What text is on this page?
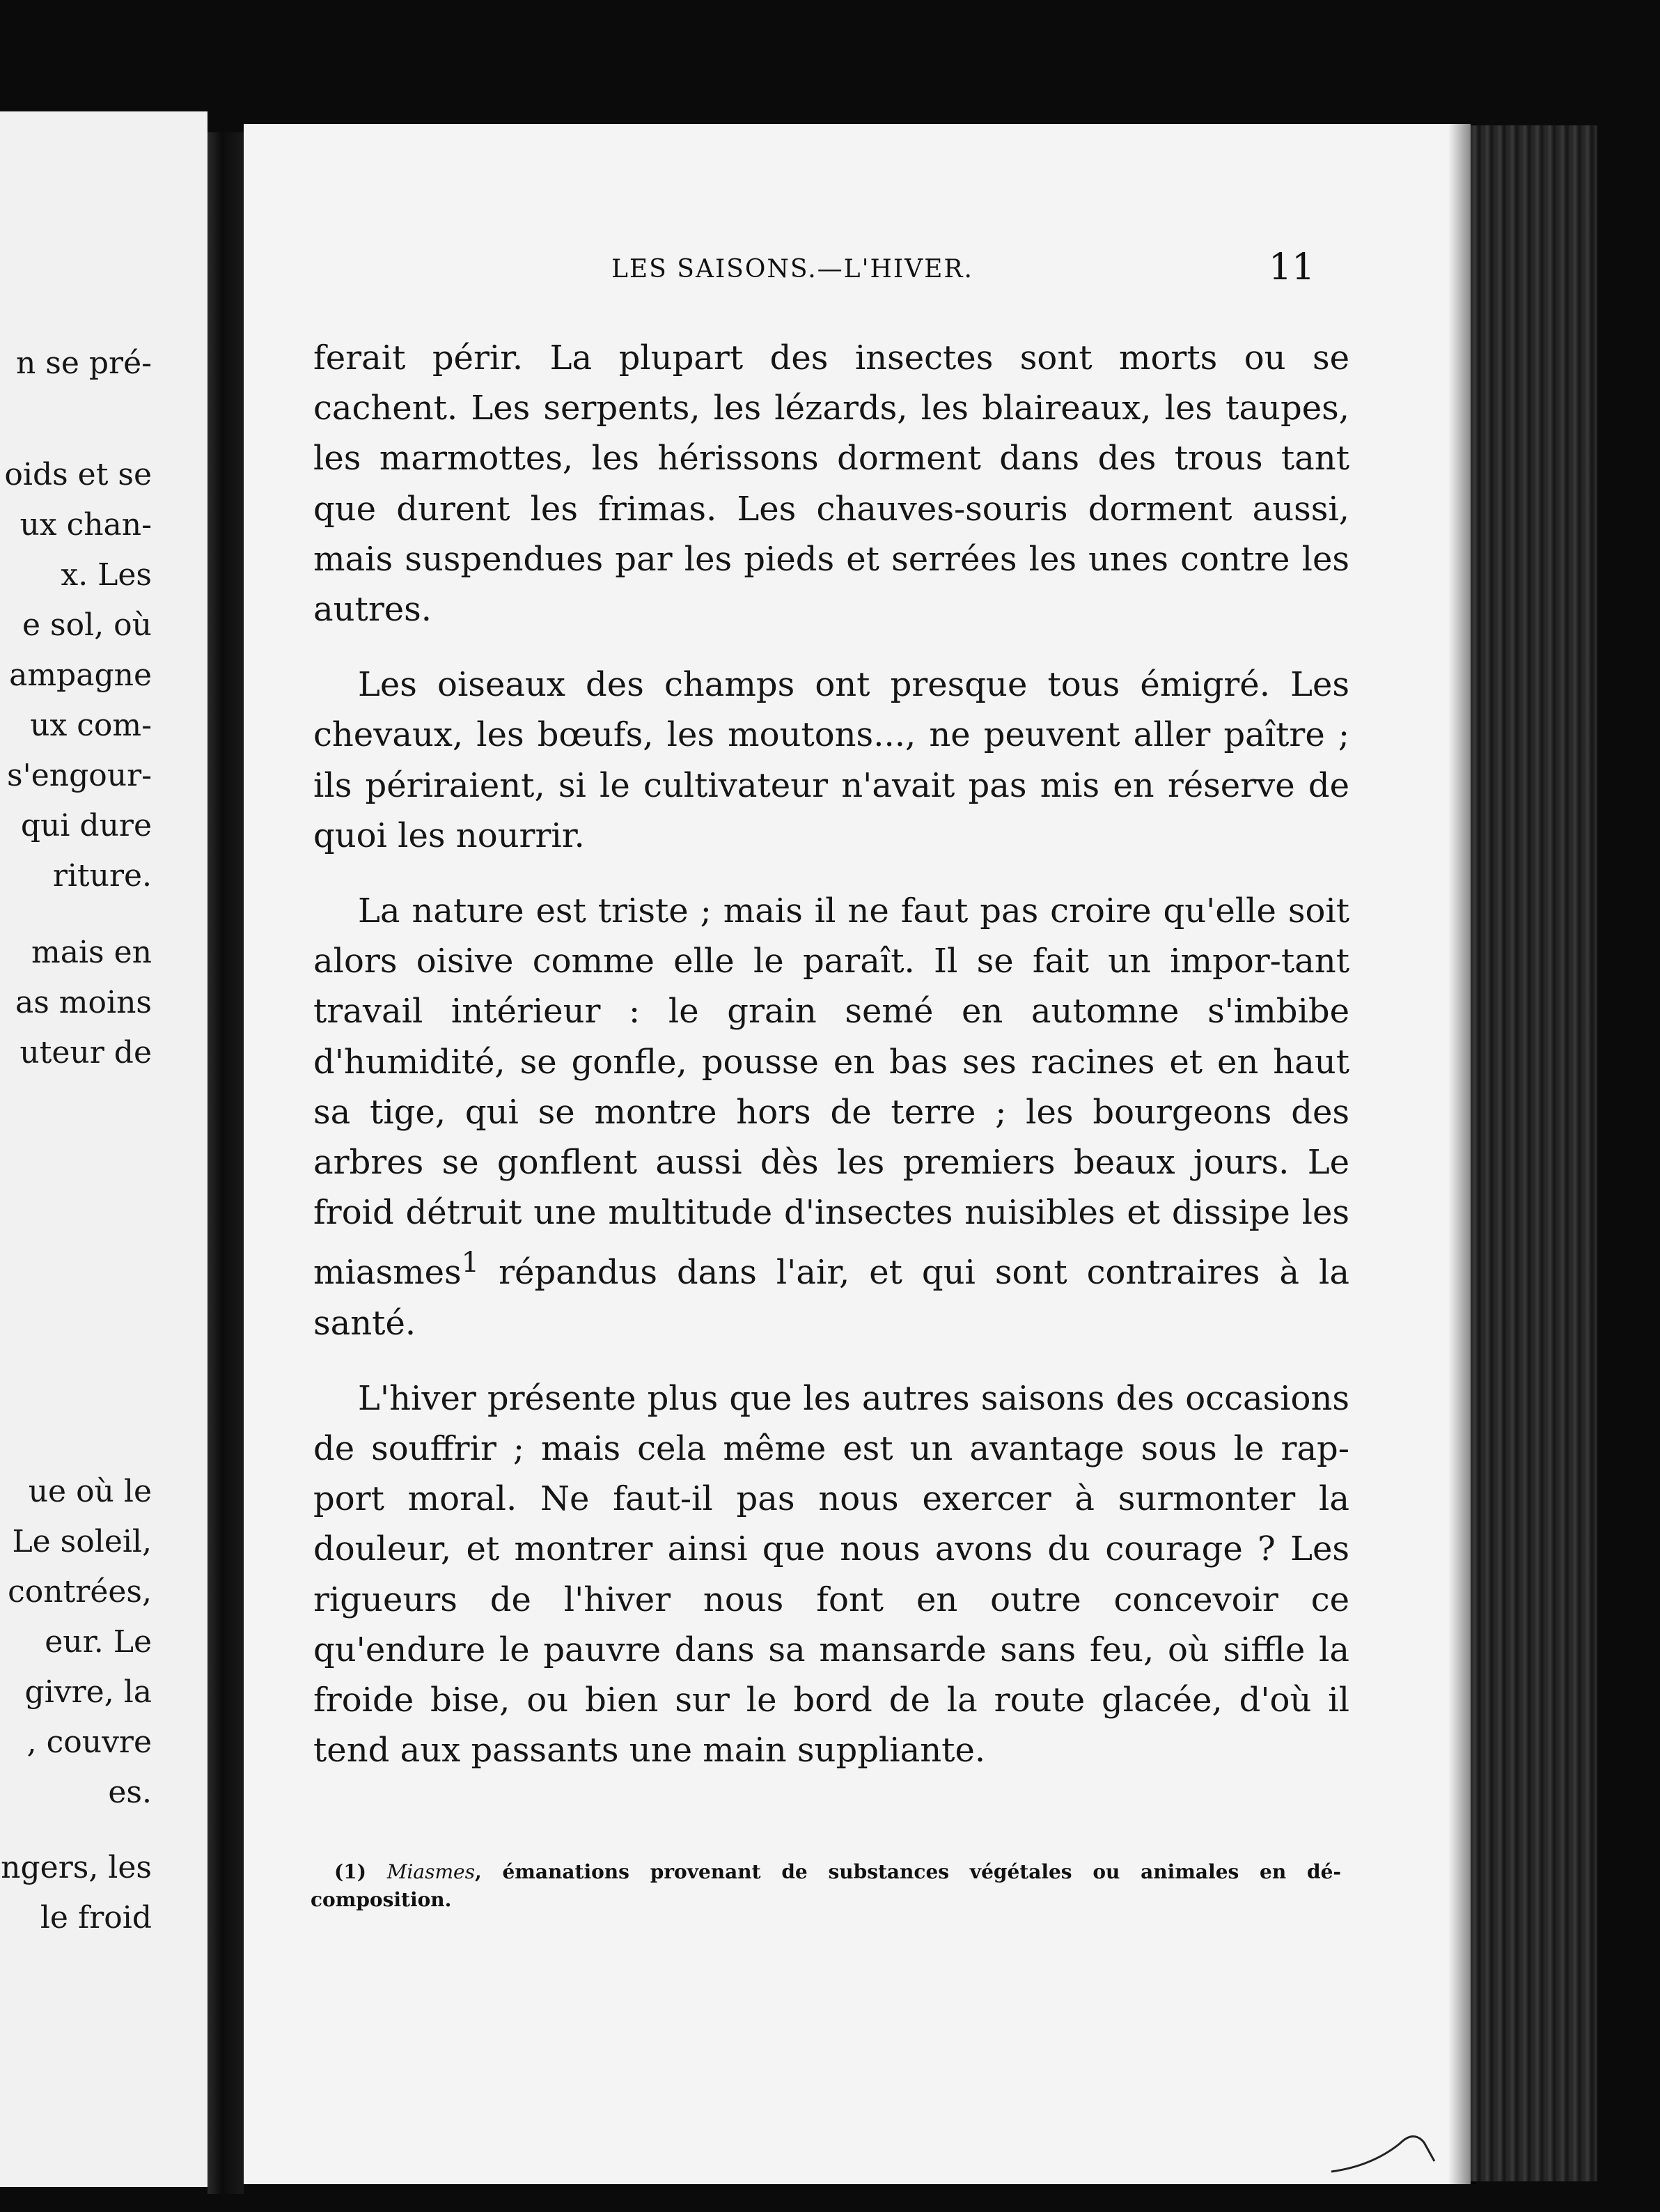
n se pré-
oids et se
ux chan-
x. Les
e sol, où
ampagne
ux com-
s'engour-
qui dure
riture.
mais en
as moins
uteur de
ue où le
Le soleil,
contrées,
eur. Le
givre, la
, couvre
es.
ngers, les
le froid
LES SAISONS.—L'HIVER.	11

ferait périr. La plupart des insectes sont morts ou se cachent. Les serpents, les lézards, les blaireaux, les taupes, les marmottes, les hérissons dorment dans des trous tant que durent les frimas. Les chauves-souris dorment aussi, mais suspendues par les pieds et serrées les unes contre les autres.

Les oiseaux des champs ont presque tous émigré. Les chevaux, les bœufs, les moutons..., ne peuvent aller paître ; ils périraient, si le cultivateur n'avait pas mis en réserve de quoi les nourrir.

La nature est triste ; mais il ne faut pas croire qu'elle soit alors oisive comme elle le paraît. Il se fait un impor-tant travail intérieur : le grain semé en automne s'imbibe d'humidité, se gonfle, pousse en bas ses racines et en haut sa tige, qui se montre hors de terre ; les bourgeons des arbres se gonflent aussi dès les premiers beaux jours. Le froid détruit une multitude d'insectes nuisibles et dissipe les miasmes$^1$ répandus dans l'air, et qui sont contraires à la santé.

L'hiver présente plus que les autres saisons des occasions de souffrir ; mais cela même est un avantage sous le rap-port moral. Ne faut-il pas nous exercer à surmonter la douleur, et montrer ainsi que nous avons du courage ? Les rigueurs de l'hiver nous font en outre concevoir ce qu'endure le pauvre dans sa mansarde sans feu, où siffle la froide bise, ou bien sur le bord de la route glacée, d'où il tend aux passants une main suppliante.

(1) Miasmes, émanations provenant de substances végétales ou animales en dé-composition.
